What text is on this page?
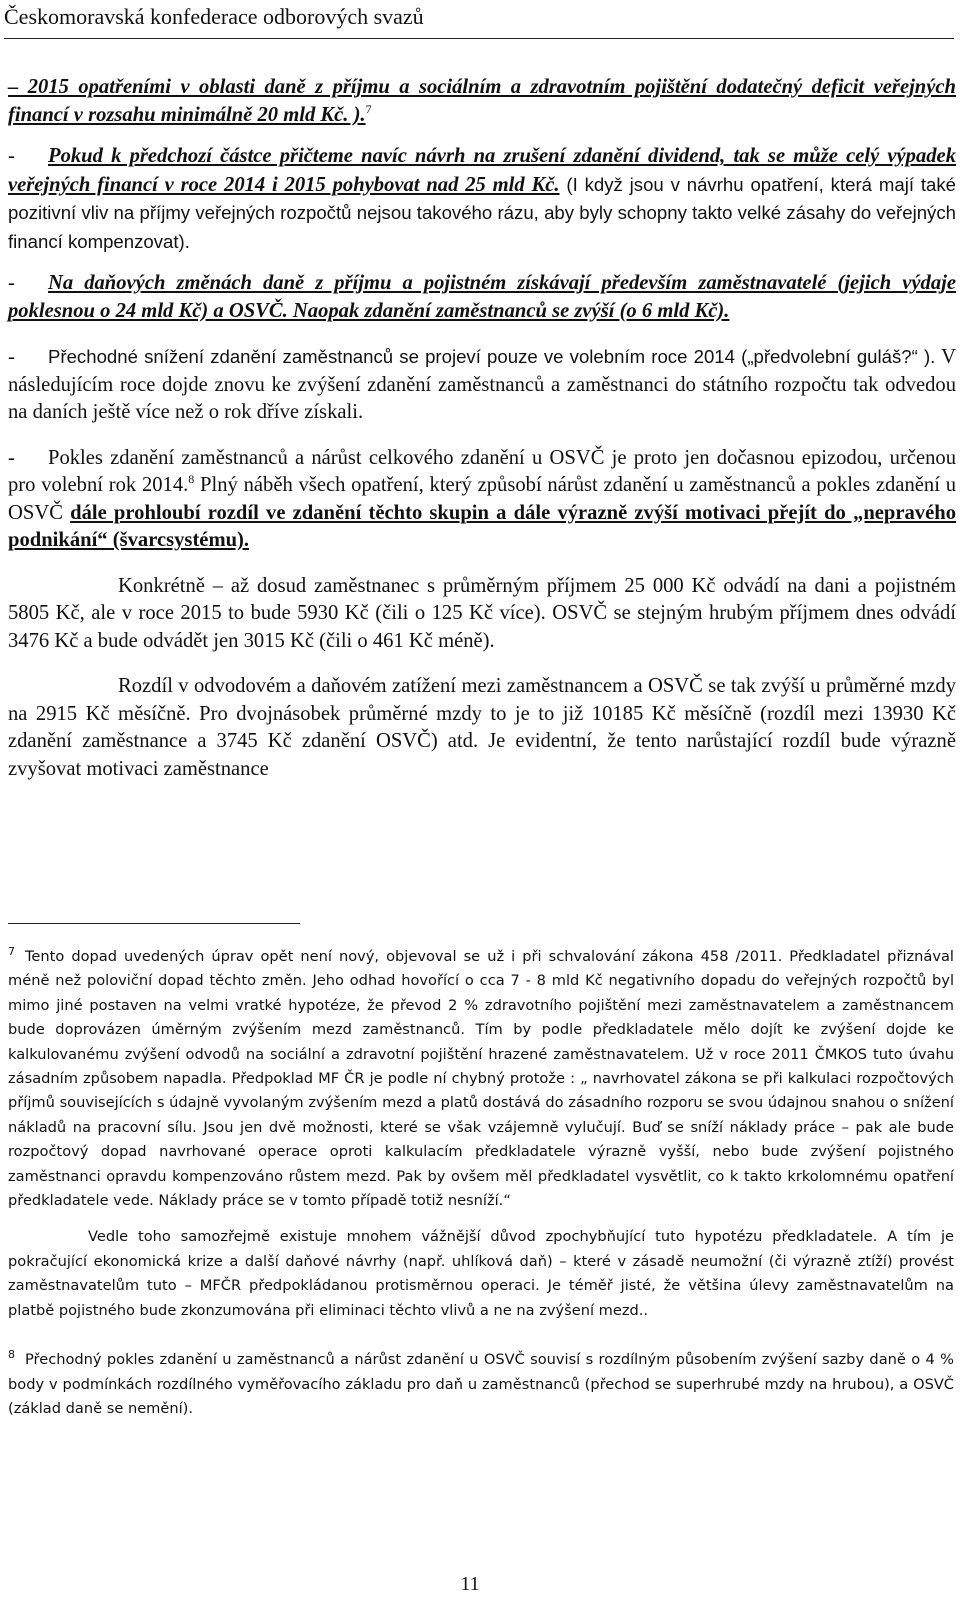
Českomoravská konfederace odborových svazů

– 2015 opatřeními v oblasti daně z příjmu a sociálním a zdravotním pojištění dodatečný deficit veřejných financí v rozsahu minimálně 20 mld Kč. ).$^7$

- Pokud k předchozí částce přičteme navíc návrh na zrušení zdanění dividend, tak se může celý výpadek veřejných financí v roce 2014 i 2015 pohybovat nad 25 mld Kč. (I když jsou v návrhu opatření, která mají také pozitivní vliv na příjmy veřejných rozpočtů nejsou takového rázu, aby byly schopny takto velké zásahy do veřejných financí kompenzovat).

- Na daňových změnách daně z příjmu a pojistném získávají především zaměstnavatelé (jejich výdaje poklesnou o 24 mld Kč) a OSVČ. Naopak zdanění zaměstnanců se zvýší (o 6 mld Kč).

- Přechodné snížení zdanění zaměstnanců se projeví pouze ve volebním roce 2014 („předvolební guláš?“ ). V následujícím roce dojde znovu ke zvýšení zdanění zaměstnanců a zaměstnanci do státního rozpočtu tak odvedou na daních ještě více než o rok dříve získali.

- Pokles zdanění zaměstnanců a nárůst celkového zdanění u OSVČ je proto jen dočasnou epizodou, určenou pro volební rok 2014.$^8$ Plný náběh všech opatření, který způsobí nárůst zdanění u zaměstnanců a pokles zdanění u OSVČ dále prohloubí rozdíl ve zdanění těchto skupin a dále výrazně zvýší motivaci přejít do „nepravého podnikání“ (švarcsystému).

Konkrétně – až dosud zaměstnanec s průměrným příjmem 25 000 Kč odvádí na dani a pojistném 5805 Kč, ale v roce 2015 to bude 5930 Kč (čili o 125 Kč více). OSVČ se stejným hrubým příjmem dnes odvádí 3476 Kč a bude odvádět jen 3015 Kč (čili o 461 Kč méně).

Rozdíl v odvodovém a daňovém zatížení mezi zaměstnancem a OSVČ se tak zvýší u průměrné mzdy na 2915 Kč měsíčně. Pro dvojnásobek průměrné mzdy to je to již 10185 Kč měsíčně (rozdíl mezi 13930 Kč zdanění zaměstnance a 3745 Kč zdanění OSVČ) atd. Je evidentní, že tento narůstající rozdíl bude výrazně zvyšovat motivaci zaměstnance

$^7$ Tento dopad uvedených úprav opět není nový, objevoval se už i při schvalování zákona 458 /2011. Předkladatel přiznával méně než poloviční dopad těchto změn. Jeho odhad hovořící o cca 7 - 8 mld Kč negativního dopadu do veřejných rozpočtů byl mimo jiné postaven na velmi vratké hypotéze, že převod 2 % zdravotního pojištění mezi zaměstnavatelem a zaměstnancem bude doprovázen úměrným zvýšením mezd zaměstnanců. Tím by podle předkladatele mělo dojít ke zvýšení dojde ke kalkulovanému zvýšení odvodů na sociální a zdravotní pojištění hrazené zaměstnavatelem. Už v roce 2011 ČMKOS tuto úvahu zásadním způsobem napadla. Předpoklad MF ČR je podle ní chybný protože : „ navrhovatel zákona se při kalkulaci rozpočtových příjmů souvisejících s údajně vyvolaným zvýšením mezd a platů dostává do zásadního rozporu se svou údajnou snahou o snížení nákladů na pracovní sílu. Jsou jen dvě možnosti, které se však vzájemně vylučují. Buď se sníží náklady práce – pak ale bude rozpočtový dopad navrhované operace oproti kalkulacím předkladatele výrazně vyšší, nebo bude zvýšení pojistného zaměstnanci opravdu kompenzováno růstem mezd. Pak by ovšem měl předkladatel vysvětlit, co k takto krkolomnému opatření předkladatele vede. Náklady práce se v tomto případě totiž nesníží.“

Vedle toho samozřejmě existuje mnohem vážnější důvod zpochybňující tuto hypotézu předkladatele. A tím je pokračující ekonomická krize a další daňové návrhy (např. uhlíková daň) – které v zásadě neumožní (či výrazně ztíží) provést zaměstnavatelům tuto – MFČR předpokládanou protisměrnou operaci. Je téměř jisté, že většina úlevy zaměstnavatelům na platbě pojistného bude zkonzumována při eliminaci těchto vlivů a ne na zvýšení mezd..

$^8$ Přechodný pokles zdanění u zaměstnanců a nárůst zdanění u OSVČ souvisí s rozdílným působením zvýšení sazby daně o 4 % body v podmínkách rozdílného vyměřovacího základu pro daň u zaměstnanců (přechod se superhrubé mzdy na hrubou), a OSVČ (základ daně se nemění).

11
